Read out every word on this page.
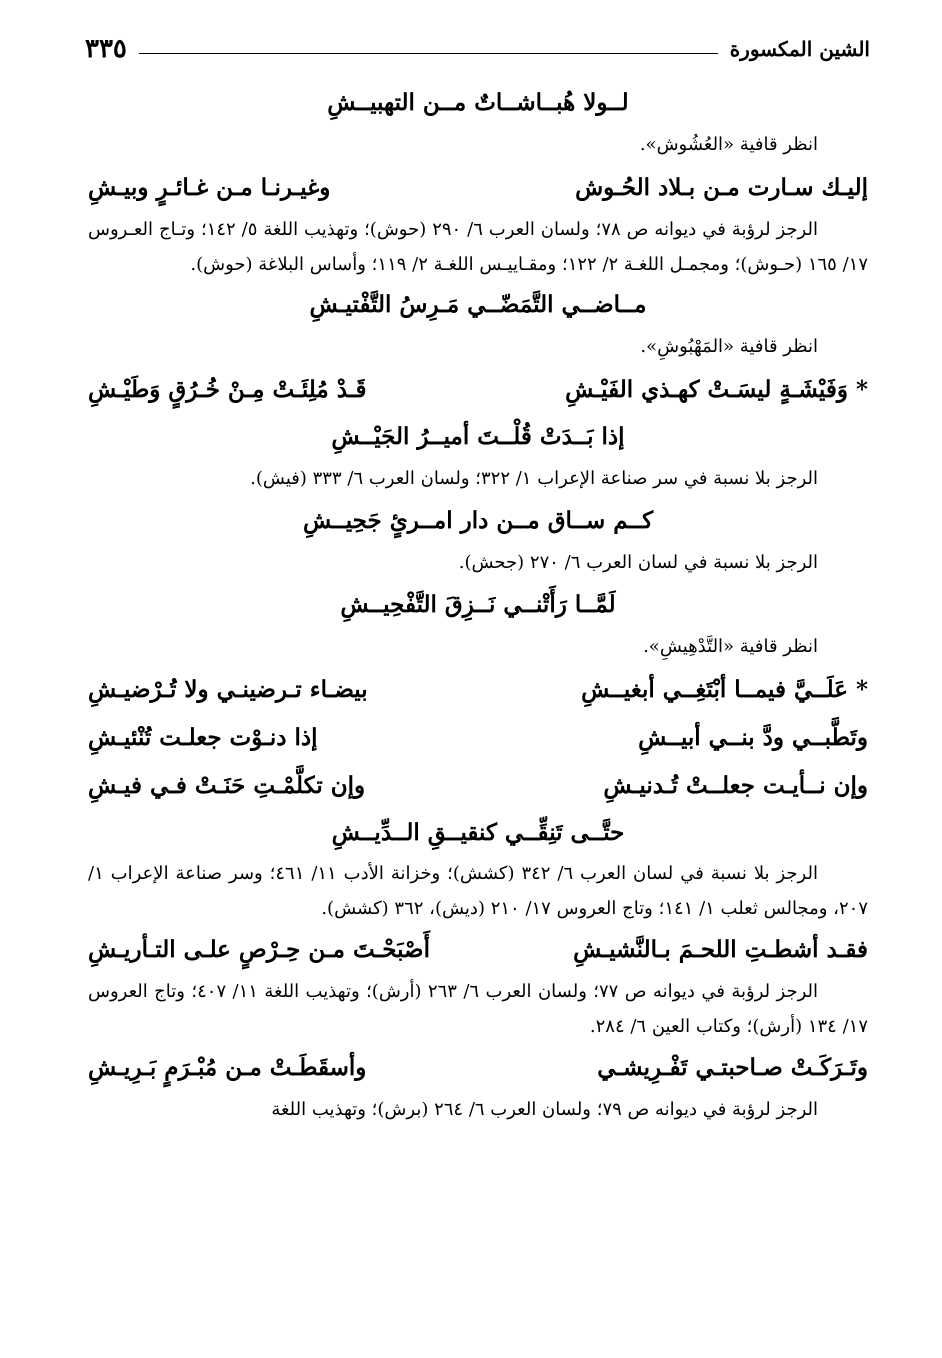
الشين المكسورة
٣٣٥
لــولا هُبــاشــاتٌ مــن التهبيــشِ
انظر قافية «العُشُوش».
إليـك سـارت مـن بـلاد الحُـوش
وغيـرنـا مـن غـائـرٍ وبيـشِ
الرجز لرؤبة في ديوانه ص ٧٨؛ ولسان العرب ٦/ ٢٩٠ (حوش)؛ وتهذيب اللغة ٥/ ١٤٢؛ وتـاج العـروس ١٧/ ١٦٥ (حـوش)؛ ومجمـل اللغـة ٢/ ١٢٢؛ ومقـاييـس اللغـة ٢/ ١١٩؛ وأساس البلاغة (حوش).
مــاضــي التَّمَضّــي مَـرِسُ التَّفْتيـشِ
انظر قافية «المَهْبُوشِ».
* وَفَيْشَـةٍ ليسَـتْ كهـذي الفَيْـشِ
قَـدْ مُلِئَـتْ مِـنْ خُـرُقٍ وَطَيْـشِ
إذا بَــدَتْ قُلْــتَ أميــرُ الجَيْــشِ
الرجز بلا نسبة في سر صناعة الإعراب ١/ ٣٢٢؛ ولسان العرب ٦/ ٣٣٣ (فيش).
كــم ســاق مــن دار امــرئٍ جَحِيــشِ
الرجز بلا نسبة في لسان العرب ٦/ ٢٧٠ (جحش).
لَمَّــا رَأَتْنــي نَــزِقَ التَّفْحِيــشِ
انظر قافية «التَّدْهِيشِ».
* عَلَــيَّ فيمــا أبْتَغِــي أبغيــشِ
بيضـاء تـرضينـي ولا تُـرْضيـشِ
وتَطَّبــي ودَّ بنــي أبيــشِ
إذا دنـوْت جعلـت تُنْئيـشِ
وإن نــأيـت جعلــتْ تُـدنيـشِ
وإن تكلَّمْـتِ حَنَـتْ فـي فيـشِ
حتَّــى تَنِقِّــي كنقيــقِ الــدِّيــشِ
الرجز بلا نسبة في لسان العرب ٦/ ٣٤٢ (كشش)؛ وخزانة الأدب ١١/ ٤٦١؛ وسر صناعة الإعراب ١/ ٢٠٧، ومجالس ثعلب ١/ ١٤١؛ وتاج العروس ١٧/ ٢١٠ (ديش)، ٣٦٢ (كشش).
فقـد أشطـتِ اللحـمَ بـالنَّشيـشِ
أَصْبَحْـتَ مـن حِـرْصٍ علـى التـأريـشِ
الرجز لرؤبة في ديوانه ص ٧٧؛ ولسان العرب ٦/ ٢٦٣ (أرش)؛ وتهذيب اللغة ١١/ ٤٠٧؛ وتاج العروس ١٧/ ١٣٤ (أرش)؛ وكتاب العين ٦/ ٢٨٤.
وتَـرَكَـتْ صـاحبتـي تَفْـرِيشـي
وأسقَطَـتْ مـن مُبْـرَمٍ بَـرِيـشِ
الرجز لرؤبة في ديوانه ص ٧٩؛ ولسان العرب ٦/ ٢٦٤ (برش)؛ وتهذيب اللغة
